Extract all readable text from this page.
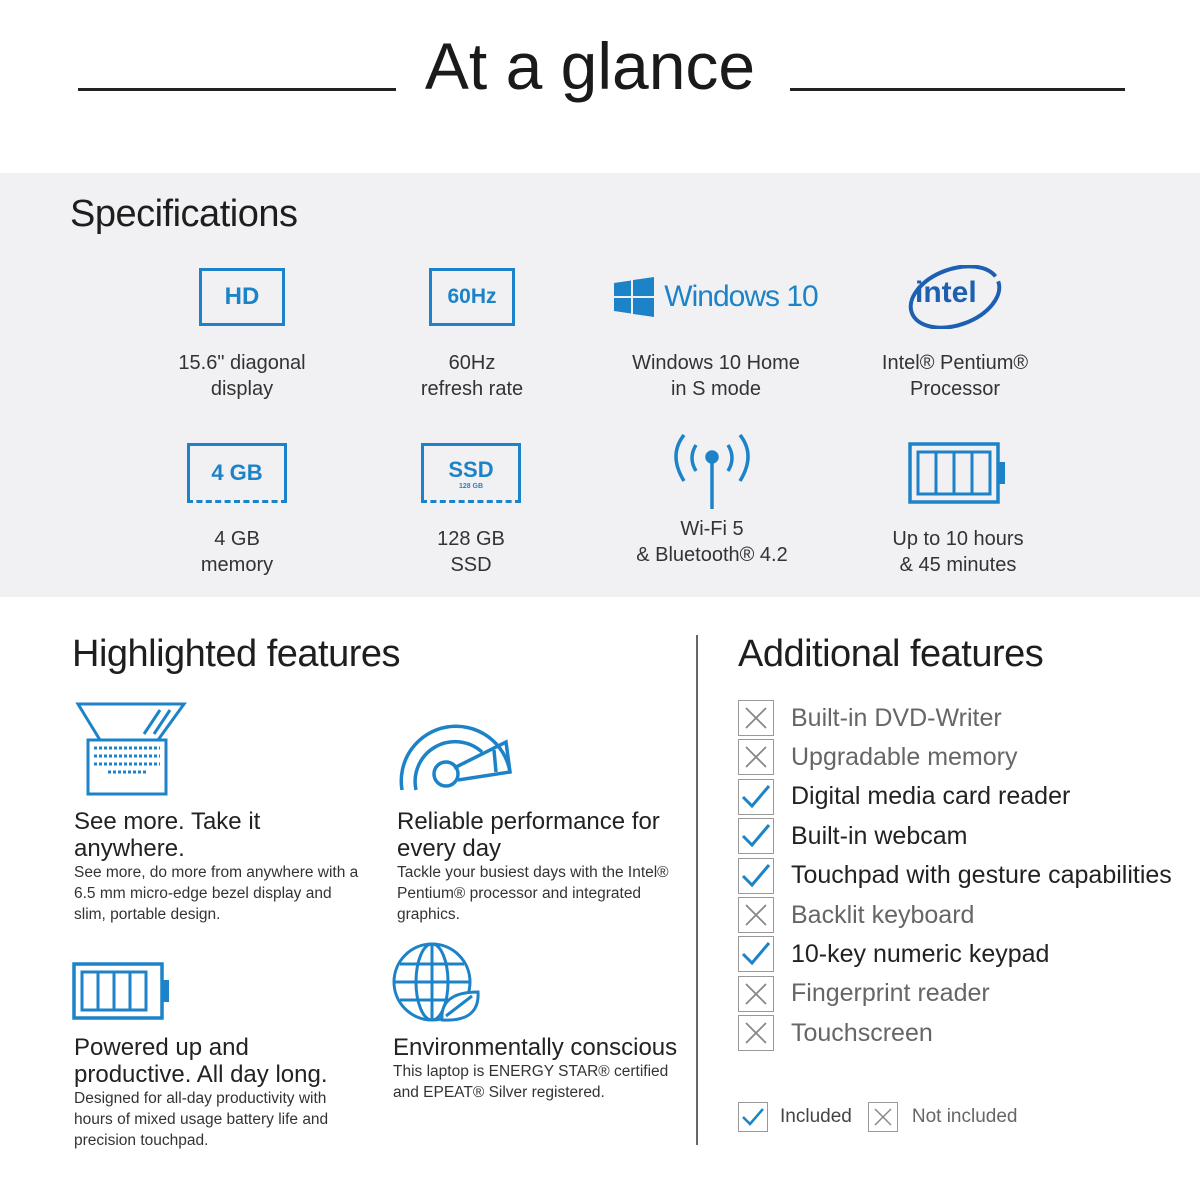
At a glance
Specifications
HD
15.6" diagonal
display
60Hz
60Hz
refresh rate
Windows 10
Windows 10 Home
in S mode
intel
Intel® Pentium®
Processor
4 GB
4 GB
memory
SSD
128 GB
128 GB
SSD
Wi-Fi 5
& Bluetooth® 4.2
Up to 10 hours
& 45 minutes
Highlighted features
See more. Take it anywhere.
See more, do more from anywhere with a 6.5 mm micro-edge bezel display and slim, portable design.
Reliable performance for every day
Tackle your busiest days with the Intel® Pentium® processor and integrated graphics.
Powered up and productive. All day long.
Designed for all-day productivity with hours of mixed usage battery life and precision touchpad.
Environmentally conscious
This laptop is ENERGY STAR® certified and EPEAT® Silver registered.
Additional features
Built-in DVD-Writer
Upgradable memory
Digital media card reader
Built-in webcam
Touchpad with gesture capabilities
Backlit keyboard
10-key numeric keypad
Fingerprint reader
Touchscreen
Included	Not included
